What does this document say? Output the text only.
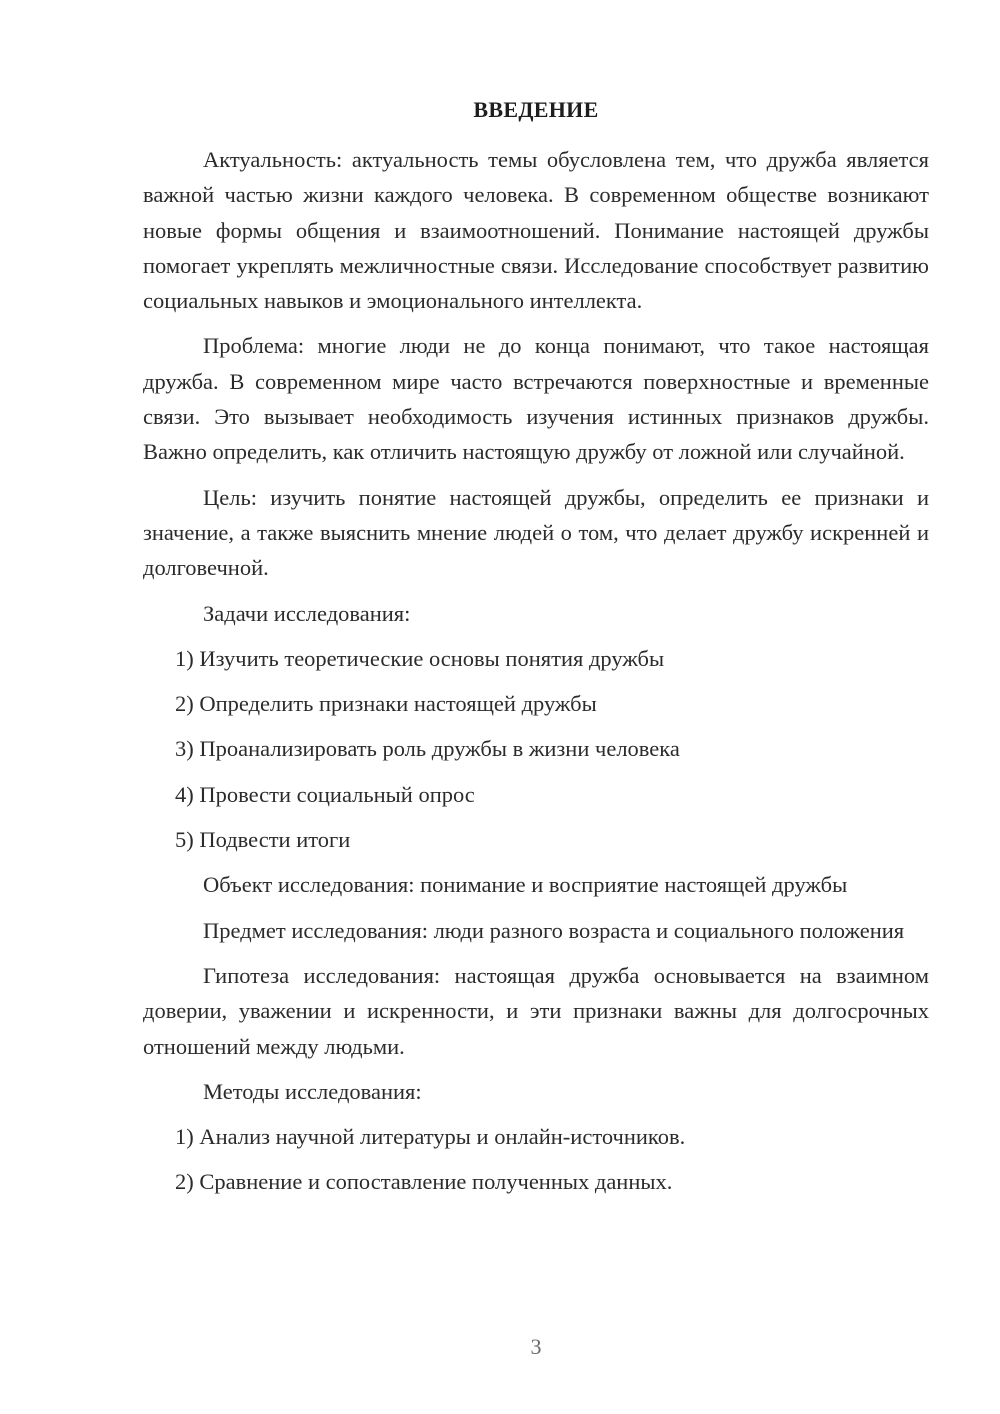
ВВЕДЕНИЕ

Актуальность: актуальность темы обусловлена тем, что дружба является важной частью жизни каждого человека. В современном обществе возникают новые формы общения и взаимоотношений. Понимание настоящей дружбы помогает укреплять межличностные связи. Исследование способствует развитию социальных навыков и эмоционального интеллекта.

Проблема: многие люди не до конца понимают, что такое настоящая дружба. В современном мире часто встречаются поверхностные и временные связи. Это вызывает необходимость изучения истинных признаков дружбы. Важно определить, как отличить настоящую дружбу от ложной или случайной.

Цель: изучить понятие настоящей дружбы, определить ее признаки и значение, а также выяснить мнение людей о том, что делает дружбу искренней и долговечной.

Задачи исследования:

1) Изучить теоретические основы понятия дружбы

2) Определить признаки настоящей дружбы

3) Проанализировать роль дружбы в жизни человека

4) Провести социальный опрос

5) Подвести итоги

Объект исследования: понимание и восприятие настоящей дружбы

Предмет исследования: люди разного возраста и социального положения

Гипотеза исследования: настоящая дружба основывается на взаимном доверии, уважении и искренности, и эти признаки важны для долгосрочных отношений между людьми.

Методы исследования:

1) Анализ научной литературы и онлайн-источников.

2) Сравнение и сопоставление полученных данных.

3
